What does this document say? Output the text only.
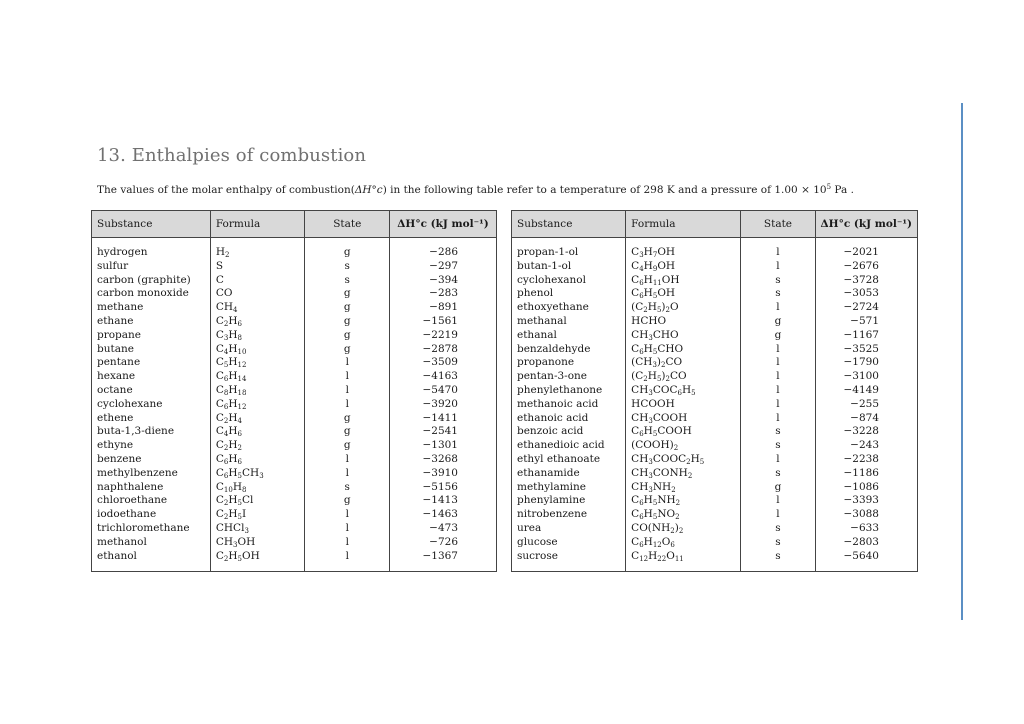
13. Enthalpies of combustion

The values of the molar enthalpy of combustion(ΔH°c) in the following table refer to a temperature of 298 K and a pressure of $1.00 \times 10^5$ Pa .

Substance	Formula	State	ΔH°c (kJ mol⁻¹)

hydrogen	$H_2$	g	−286
sulfur	S	s	−297
carbon (graphite)	C	s	−394
carbon monoxide	CO	g	−283
methane	$CH_4$	g	−891
ethane	$C_2H_6$	g	−1561
propane	$C_3H_8$	g	−2219
butane	$C_4H_{10}$	g	−2878
pentane	$C_5H_{12}$	l	−3509
hexane	$C_6H_{14}$	l	−4163
octane	$C_8H_{18}$	l	−5470
cyclohexane	$C_6H_{12}$	l	−3920
ethene	$C_2H_4$	g	−1411
buta-1,3-diene	$C_4H_6$	g	−2541
ethyne	$C_2H_2$	g	−1301
benzene	$C_6H_6$	l	−3268
methylbenzene	$C_6H_5CH_3$	l	−3910
naphthalene	$C_{10}H_8$	s	−5156
chloroethane	$C_2H_5Cl$	g	−1413
iodoethane	$C_2H_5I$	l	−1463
trichloromethane	CHCl$_3$	l	−473
methanol	$CH_3OH$	l	−726
ethanol	$C_2H_5OH$	l	−1367

Substance	Formula	State	ΔH°c (kJ mol⁻¹)

propan-1-ol	$C_3H_7OH$	l	−2021
butan-1-ol	$C_4H_9OH$	l	−2676
cyclohexanol	$C_6H_{11}OH$	s	−3728
phenol	$C_6H_5OH$	s	−3053
ethoxyethane	$(C_2H_5)_2O$	l	−2724
methanal	HCHO	g	−571
ethanal	$CH_3CHO$	g	−1167
benzaldehyde	$C_6H_5CHO$	l	−3525
propanone	$(CH_3)_2CO$	l	−1790
pentan-3-one	$(C_2H_5)_2CO$	l	−3100
phenylethanone	$CH_3COC_6H_5$	l	−4149
methanoic acid	HCOOH	l	−255
ethanoic acid	$CH_3COOH$	l	−874
benzoic acid	$C_6H_5COOH$	s	−3228
ethanedioic acid	$(COOH)_2$	s	−243
ethyl ethanoate	$CH_3COOC_2H_5$	l	−2238
ethanamide	$CH_3CONH_2$	s	−1186
methylamine	$CH_3NH_2$	g	−1086
phenylamine	$C_6H_5NH_2$	l	−3393
nitrobenzene	$C_6H_5NO_2$	l	−3088
urea	$CO(NH_2)_2$	s	−633
glucose	$C_6H_{12}O_6$	s	−2803
sucrose	$C_{12}H_{22}O_{11}$	s	−5640
